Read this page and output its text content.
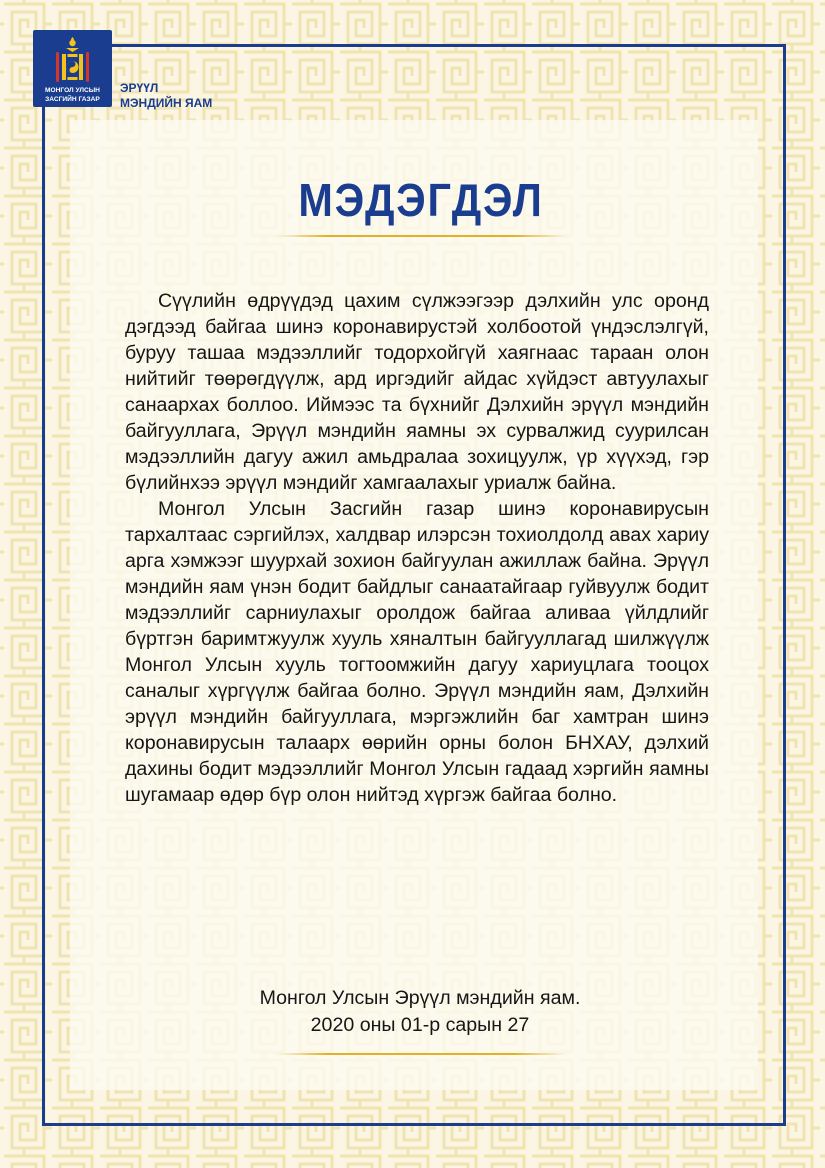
МОНГОЛ УЛСЫН
ЗАСГИЙН ГАЗАР
ЭРҮҮЛ
МЭНДИЙН ЯАМ
МЭДЭГДЭЛ

Сүүлийн өдрүүдэд цахим сүлжээгээр дэлхийн улс оронд дэгдээд байгаа шинэ коронавирустэй холбоотой үндэслэлгүй, буруу ташаа мэдээллийг тодорхойгүй хаягнаас тараан олон нийтийг төөрөгдүүлж, ард иргэдийг айдас хүйдэст автуулахыг санаархах боллоо. Иймээс та бүхнийг Дэлхийн эрүүл мэндийн байгууллага, Эрүүл мэндийн яамны эх сурвалжид суурилсан мэдээллийн дагуу ажил амьдралаа зохицуулж, үр хүүхэд, гэр бүлийнхээ эрүүл мэндийг хамгаалахыг уриалж байна.

Монгол Улсын Засгийн газар шинэ коронавирусын тархалтаас сэргийлэх, халдвар илэрсэн тохиолдолд авах хариу арга хэмжээг шуурхай зохион байгуулан ажиллаж байна. Эрүүл мэндийн яам үнэн бодит байдлыг санаатайгаар гуйвуулж бодит мэдээллийг сарниулахыг оролдож байгаа аливаа үйлдлийг бүртгэн баримтжуулж хууль хяналтын байгууллагад шилжүүлж Монгол Улсын хууль тогтоомжийн дагуу хариуцлага тооцох саналыг хүргүүлж байгаа болно. Эрүүл мэндийн яам, Дэлхийн эрүүл мэндийн байгууллага, мэргэжлийн баг хамтран шинэ коронавирусын талаарх өөрийн орны болон БНХАУ, дэлхий дахины бодит мэдээллийг Монгол Улсын гадаад хэргийн яамны шугамаар өдөр бүр олон нийтэд хүргэж байгаа болно.

Монгол Улсын Эрүүл мэндийн яам.
2020 оны 01-р сарын 27
